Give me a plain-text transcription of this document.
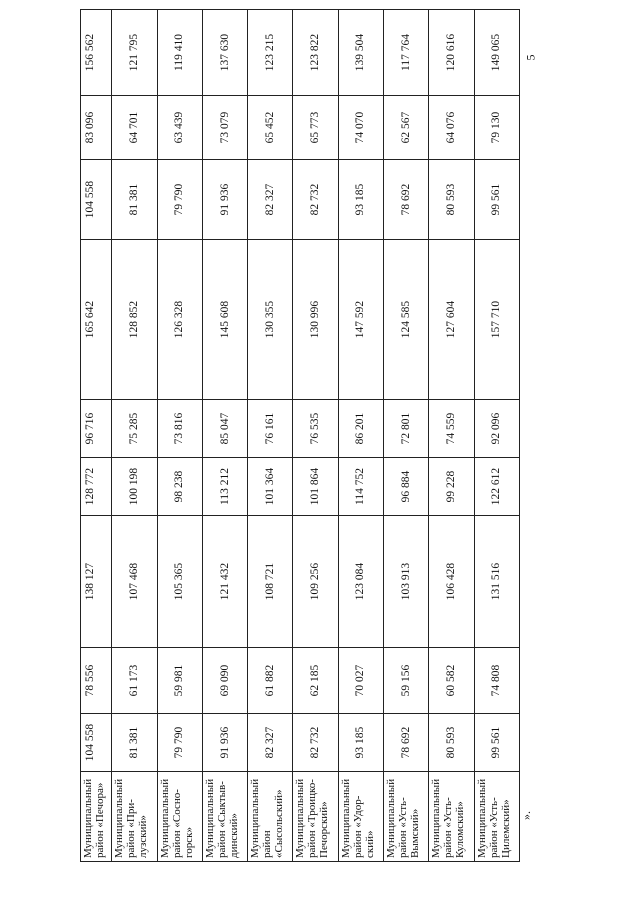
5
».
Муниципальный район «Печора»	104 558	78 556	138 127	128 772	96 716	165 642	104 558	83 096	156 562
Муниципальный район «При-лузский»	81 381	61 173	107 468	100 198	75 285	128 852	81 381	64 701	121 795
Муниципальный район «Сосно-горск»	79 790	59 981	105 365	98 238	73 816	126 328	79 790	63 439	119 410
Муниципальный район «Сыктыв-динский»	91 936	69 090	121 432	113 212	85 047	145 608	91 936	73 079	137 630
Муниципальный район «Сысольский»	82 327	61 882	108 721	101 364	76 161	130 355	82 327	65 452	123 215
Муниципальный район «Троицко-Печорский»	82 732	62 185	109 256	101 864	76 535	130 996	82 732	65 773	123 822
Муниципальный район «Удор-ский»	93 185	70 027	123 084	114 752	86 201	147 592	93 185	74 070	139 504
Муниципальный район «Усть-Вымский»	78 692	59 156	103 913	96 884	72 801	124 585	78 692	62 567	117 764
Муниципальный район «Усть-Куломский»	80 593	60 582	106 428	99 228	74 559	127 604	80 593	64 076	120 616
Муниципальный район «Усть-Цилемский»	99 561	74 808	131 516	122 612	92 096	157 710	99 561	79 130	149 065
